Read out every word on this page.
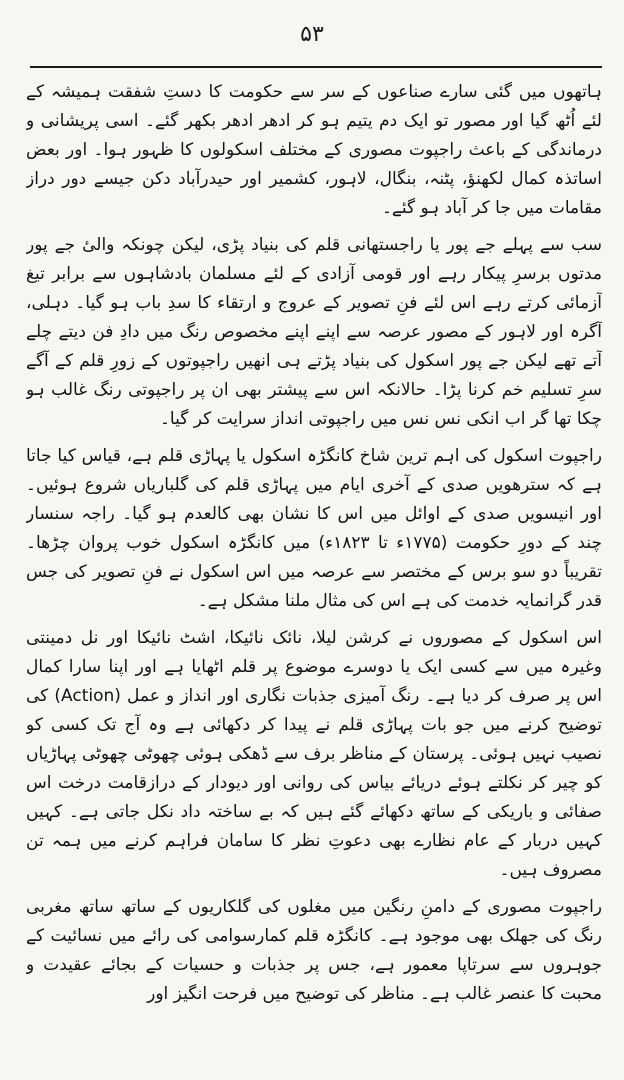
۵۳

ہاتھوں میں گئی سارے صناعوں کے سر سے حکومت کا دستِ شفقت ہمیشہ کے لئے اُٹھ گیا اور مصور تو ایک دم یتیم ہو کر ادھر ادھر بکھر گئے۔ اسی پریشانی و درماندگی کے باعث راجپوت مصوری کے مختلف اسکولوں کا ظہور ہوا۔ اور بعض اساتذہ کمال لکھنؤ، پٹنہ، بنگال، لاہور، کشمیر اور حیدرآباد دکن جیسے دور دراز مقامات میں جا کر آباد ہو گئے۔

سب سے پہلے جے پور یا راجستھانی قلم کی بنیاد پڑی، لیکن چونکہ والیٔ جے پور مدتوں برسرِ پیکار رہے اور قومی آزادی کے لئے مسلمان بادشاہوں سے برابر تیغ آزمائی کرتے رہے اس لئے فنِ تصویر کے عروج و ارتقاء کا سدِ باب ہو گیا۔ دہلی، آگرہ اور لاہور کے مصور عرصہ سے اپنے اپنے مخصوص رنگ میں دادِ فن دیتے چلے آتے تھے لیکن جے پور اسکول کی بنیاد پڑتے ہی انھیں راجپوتوں کے زورِ قلم کے آگے سرِ تسلیم خم کرنا پڑا۔ حالانکہ اس سے پیشتر بھی ان پر راجپوتی رنگ غالب ہو چکا تھا گر اب انکی نس نس میں راجپوتی انداز سرایت کر گیا۔

راجپوت اسکول کی اہم ترین شاخ کانگڑہ اسکول یا پہاڑی قلم ہے، قیاس کیا جاتا ہے کہ سترھویں صدی کے آخری ایام میں پہاڑی قلم کی گلباریاں شروع ہوئیں۔ اور انیسویں صدی کے اوائل میں اس کا نشان بھی کالعدم ہو گیا۔ راجہ سنسار چند کے دورِ حکومت (۱۷۷۵ء تا ۱۸۲۳ء) میں کانگڑہ اسکول خوب پروان چڑھا۔ تقریباً دو سو برس کے مختصر سے عرصہ میں اس اسکول نے فنِ تصویر کی جس قدر گرانمایہ خدمت کی ہے اس کی مثال ملنا مشکل ہے۔

اس اسکول کے مصوروں نے کرشن لیلا، نائک نائیکا، اشٹ نائیکا اور نل دمینتی وغیرہ میں سے کسی ایک یا دوسرے موضوع پر قلم اٹھایا ہے اور اپنا سارا کمال اس پر صرف کر دیا ہے۔ رنگ آمیزی جذبات نگاری اور انداز و عمل (Action) کی توضیح کرنے میں جو بات پہاڑی قلم نے پیدا کر دکھائی ہے وہ آج تک کسی کو نصیب نہیں ہوئی۔ پرستان کے مناظر برف سے ڈھکی ہوئی چھوٹی چھوٹی پہاڑیاں کو چیر کر نکلتے ہوئے دریائے بیاس کی روانی اور دیودار کے درازقامت درخت اس صفائی و باریکی کے ساتھ دکھائے گئے ہیں کہ بے ساختہ داد نکل جاتی ہے۔ کہیں کہیں دربار کے عام نظارے بھی دعوتِ نظر کا سامان فراہم کرنے میں ہمہ تن مصروف ہیں۔

راجپوت مصوری کے دامنِ رنگین میں مغلوں کی گلکاریوں کے ساتھ ساتھ مغربی رنگ کی جھلک بھی موجود ہے۔ کانگڑہ قلم کمارسوامی کی رائے میں نسائیت کے جوہروں سے سرتاپا معمور ہے، جس پر جذبات و حسیات کے بجائے عقیدت و محبت کا عنصر غالب ہے۔ مناظر کی توضیح میں فرحت انگیز اور
